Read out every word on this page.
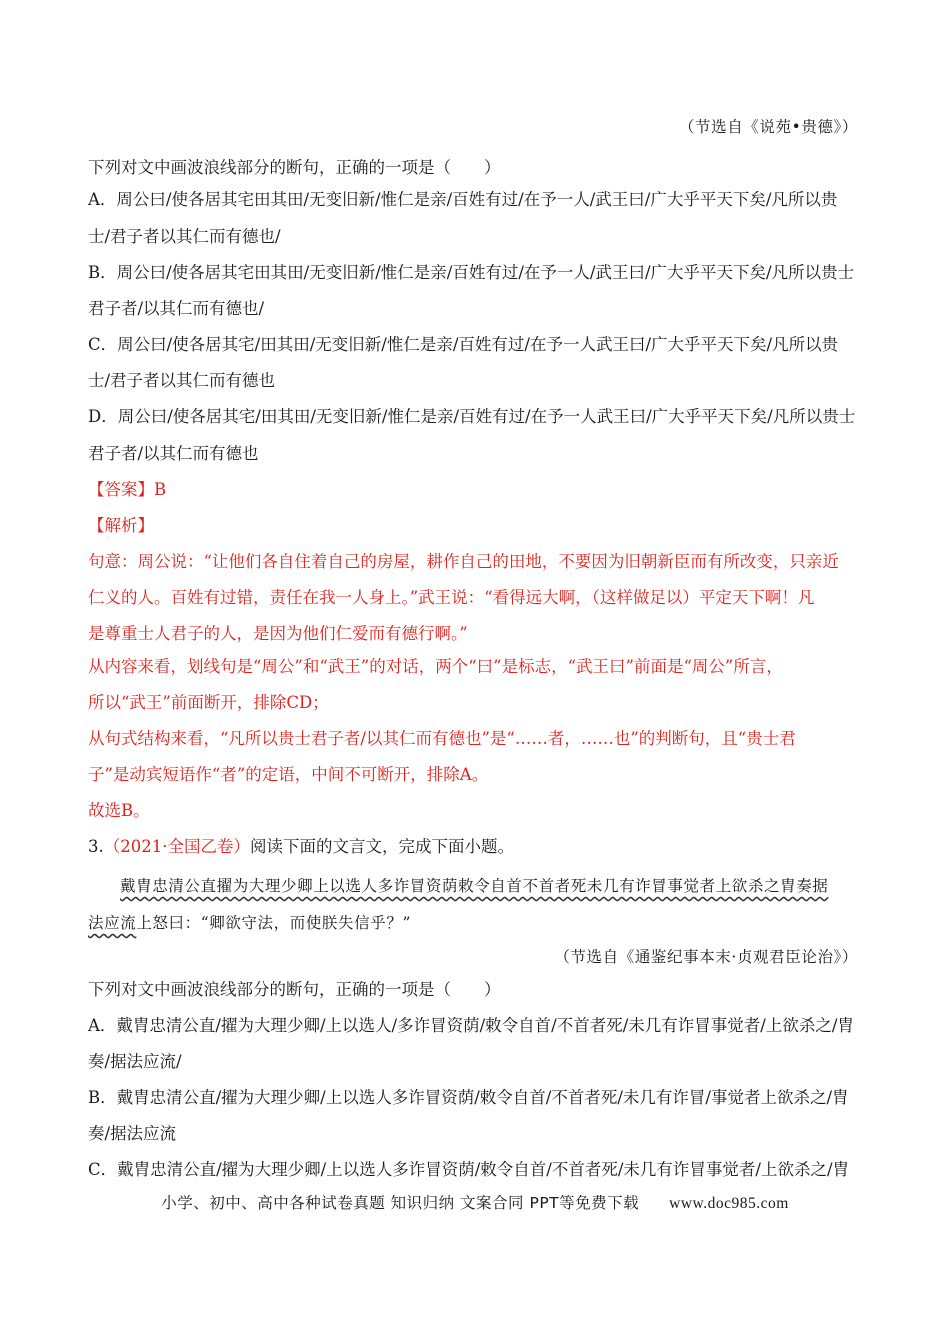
（节选自《说苑•贵德》）
下列对文中画波浪线部分的断句，正确的一项是（　　）
A．周公曰/使各居其宅田其田/无变旧新/惟仁是亲/百姓有过/在予一人/武王曰/广大乎平天下矣/凡所以贵
士/君子者以其仁而有德也/
B．周公曰/使各居其宅田其田/无变旧新/惟仁是亲/百姓有过/在予一人/武王曰/广大乎平天下矣/凡所以贵士
君子者/以其仁而有德也/
C．周公曰/使各居其宅/田其田/无变旧新/惟仁是亲/百姓有过/在予一人武王曰/广大乎平天下矣/凡所以贵
士/君子者以其仁而有德也
D．周公曰/使各居其宅/田其田/无变旧新/惟仁是亲/百姓有过/在予一人武王曰/广大乎平天下矣/凡所以贵士
君子者/以其仁而有德也
【答案】B
【解析】
句意：周公说：“让他们各自住着自己的房屋，耕作自己的田地，不要因为旧朝新臣而有所改变，只亲近
仁义的人。百姓有过错，责任在我一人身上。”武王说：“看得远大啊，（这样做足以）平定天下啊！凡
是尊重士人君子的人，是因为他们仁爱而有德行啊。”
从内容来看，划线句是“周公”和“武王”的对话，两个“曰”是标志，“武王曰”前面是“周公”所言，
所以“武王”前面断开，排除CD；
从句式结构来看，“凡所以贵士君子者/以其仁而有德也”是“……者，……也”的判断句，且“贵士君
子”是动宾短语作“者”的定语，中间不可断开，排除A。
故选B。
3.（2021·全国乙卷）阅读下面的文言文，完成下面小题。
戴胄忠清公直擢为大理少卿上以选人多诈冒资荫敕令自首不首者死未几有诈冒事觉者上欲杀之胄奏据
法应流上怒曰：“卿欲守法，而使朕失信乎？”
（节选自《通鉴纪事本末·贞观君臣论治》）
下列对文中画波浪线部分的断句，正确的一项是（　　）
A．戴胄忠清公直/擢为大理少卿/上以选人/多诈冒资荫/敕令自首/不首者死/未几有诈冒事觉者/上欲杀之/胄
奏/据法应流/
B．戴胄忠清公直/擢为大理少卿/上以选人多诈冒资荫/敕令自首/不首者死/未几有诈冒/事觉者上欲杀之/胄
奏/据法应流
C．戴胄忠清公直/擢为大理少卿/上以选人多诈冒资荫/敕令自首/不首者死/未几有诈冒事觉者/上欲杀之/胄
小学、初中、高中各种试卷真题 知识归纳 文案合同 PPT等免费下载 www.doc985.com
